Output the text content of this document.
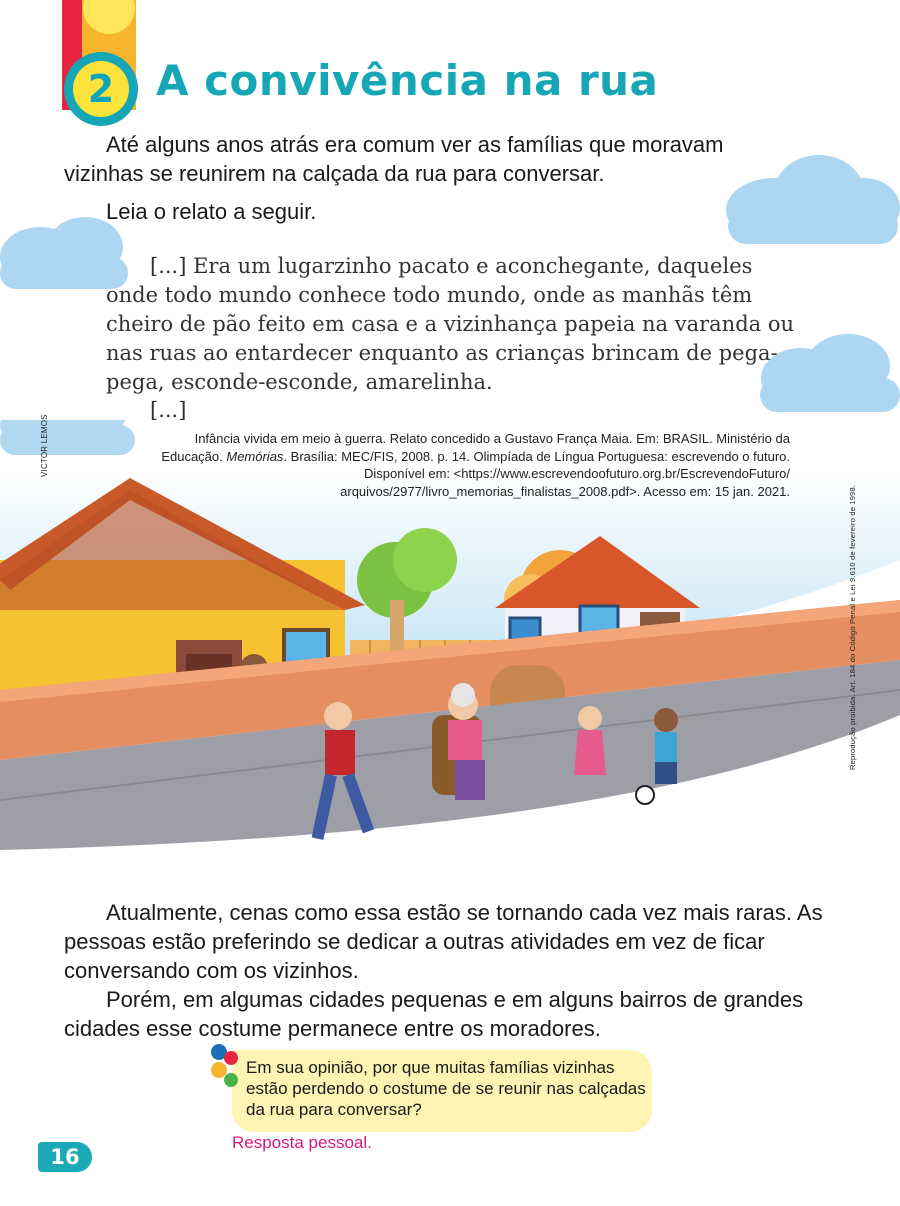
2 A convivência na rua
Até alguns anos atrás era comum ver as famílias que moravam vizinhas se reunirem na calçada da rua para conversar.
Leia o relato a seguir.
[...] Era um lugarzinho pacato e aconchegante, daqueles onde todo mundo conhece todo mundo, onde as manhãs têm cheiro de pão feito em casa e a vizinhança papeia na varanda ou nas ruas ao entardecer enquanto as crianças brincam de pega-pega, esconde-esconde, amarelinha.
[...]
Infância vivida em meio à guerra. Relato concedido a Gustavo França Maia. Em: BRASIL. Ministério da Educação. Memórias. Brasília: MEC/FIS, 2008. p. 14. Olimpíada de Língua Portuguesa: escrevendo o futuro. Disponível em: <https://www.escrevendoofuturo.org.br/EscrevendoFuturo/ arquivos/2977/livro_memorias_finalistas_2008.pdf>. Acesso em: 15 jan. 2021.
VICTOR LEMOS
Reprodução proibida. Art. 184 do Código Penal e Lei 9.610 de fevereiro de 1998.
Atualmente, cenas como essa estão se tornando cada vez mais raras. As pessoas estão preferindo se dedicar a outras atividades em vez de ficar conversando com os vizinhos.
Porém, em algumas cidades pequenas e em alguns bairros de grandes cidades esse costume permanece entre os moradores.
Em sua opinião, por que muitas famílias vizinhas estão perdendo o costume de se reunir nas calçadas da rua para conversar?
Resposta pessoal.
16
